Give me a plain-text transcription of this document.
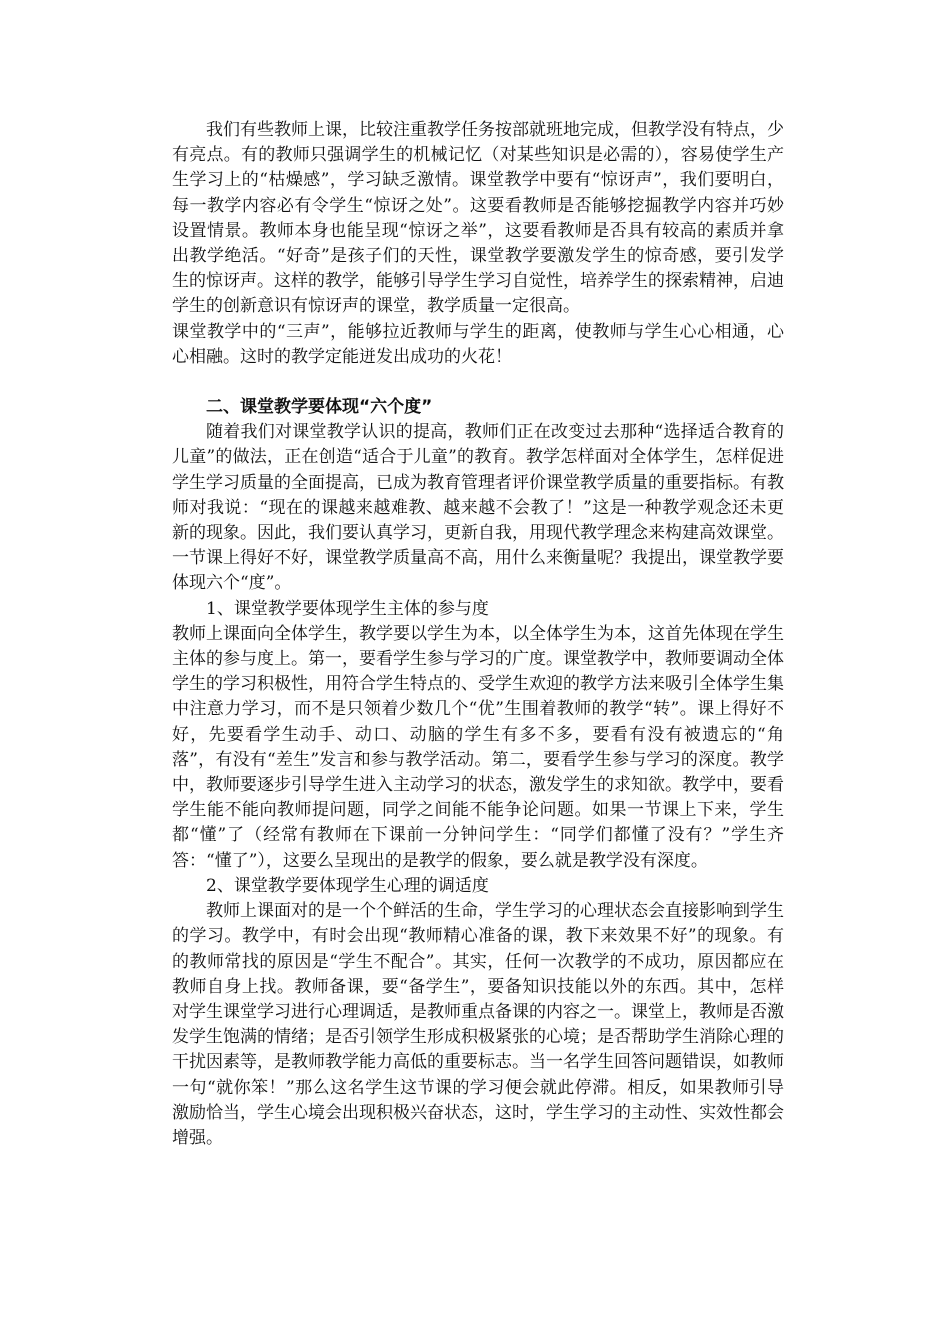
我们有些教师上课，比较注重教学任务按部就班地完成，但教学没有特点，少有亮点。有的教师只强调学生的机械记忆（对某些知识是必需的），容易使学生产生学习上的“枯燥感”，学习缺乏激情。课堂教学中要有“惊讶声”，我们要明白，每一教学内容必有令学生“惊讶之处”。这要看教师是否能够挖掘教学内容并巧妙设置情景。教师本身也能呈现“惊讶之举”，这要看教师是否具有较高的素质并拿出教学绝活。“好奇”是孩子们的天性，课堂教学要激发学生的惊奇感，要引发学生的惊讶声。这样的教学，能够引导学生学习自觉性，培养学生的探索精神，启迪学生的创新意识有惊讶声的课堂，教学质量一定很高。

课堂教学中的“三声”，能够拉近教师与学生的距离，使教师与学生心心相通，心心相融。这时的教学定能迸发出成功的火花！

二、课堂教学要体现“六个度”

随着我们对课堂教学认识的提高，教师们正在改变过去那种“选择适合教育的儿童”的做法，正在创造“适合于儿童”的教育。教学怎样面对全体学生，怎样促进学生学习质量的全面提高，已成为教育管理者评价课堂教学质量的重要指标。有教师对我说：“现在的课越来越难教、越来越不会教了！”这是一种教学观念还未更新的现象。因此，我们要认真学习，更新自我，用现代教学理念来构建高效课堂。

一节课上得好不好，课堂教学质量高不高，用什么来衡量呢？我提出，课堂教学要体现六个“度”。

1、课堂教学要体现学生主体的参与度

教师上课面向全体学生，教学要以学生为本，以全体学生为本，这首先体现在学生主体的参与度上。第一，要看学生参与学习的广度。课堂教学中，教师要调动全体学生的学习积极性，用符合学生特点的、受学生欢迎的教学方法来吸引全体学生集中注意力学习，而不是只领着少数几个“优”生围着教师的教学“转”。课上得好不好，先要看学生动手、动口、动脑的学生有多不多，要看有没有被遗忘的“角落”，有没有“差生”发言和参与教学活动。第二，要看学生参与学习的深度。教学中，教师要逐步引导学生进入主动学习的状态，激发学生的求知欲。教学中，要看学生能不能向教师提问题，同学之间能不能争论问题。如果一节课上下来，学生都“懂”了（经常有教师在下课前一分钟问学生：“同学们都懂了没有？”学生齐答：“懂了”），这要么呈现出的是教学的假象，要么就是教学没有深度。

2、课堂教学要体现学生心理的调适度

教师上课面对的是一个个鲜活的生命，学生学习的心理状态会直接影响到学生的学习。教学中，有时会出现“教师精心准备的课，教下来效果不好”的现象。有的教师常找的原因是“学生不配合”。其实，任何一次教学的不成功，原因都应在教师自身上找。教师备课，要“备学生”，要备知识技能以外的东西。其中，怎样对学生课堂学习进行心理调适，是教师重点备课的内容之一。课堂上，教师是否激发学生饱满的情绪；是否引领学生形成积极紧张的心境；是否帮助学生消除心理的干扰因素等，是教师教学能力高低的重要标志。当一名学生回答问题错误，如教师一句“就你笨！”那么这名学生这节课的学习便会就此停滞。相反，如果教师引导激励恰当，学生心境会出现积极兴奋状态，这时，学生学习的主动性、实效性都会增强。
